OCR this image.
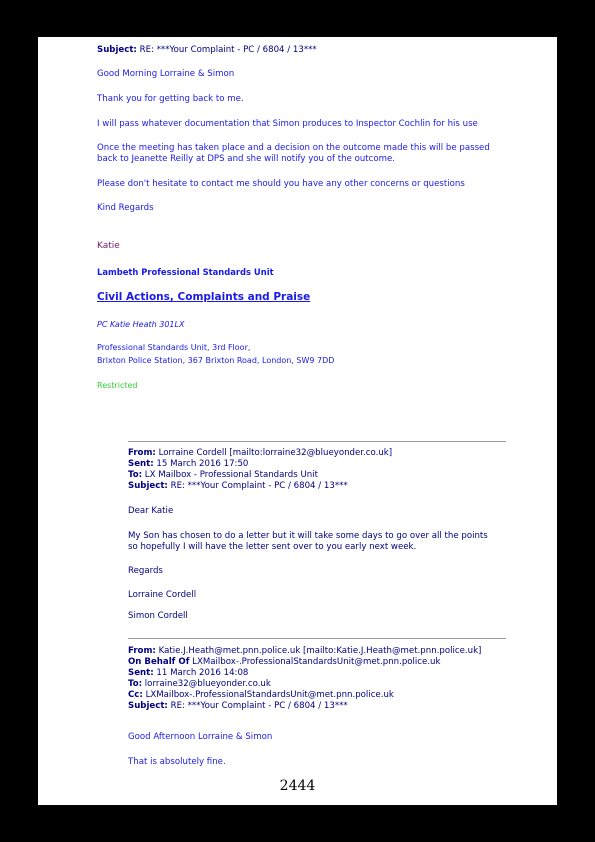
Subject: RE: ***Your Complaint - PC / 6804 / 13***
Good Morning Lorraine & Simon
Thank you for getting back to me.
I will pass whatever documentation that Simon produces to Inspector Cochlin for his use
Once the meeting has taken place and a decision on the outcome made this will be passed
back to Jeanette Reilly at DPS and she will notify you of the outcome.
Please don't hesitate to contact me should you have any other concerns or questions
Kind Regards
Katie
Lambeth Professional Standards Unit
Civil Actions, Complaints and Praise
PC Katie Heath 301LX
Professional Standards Unit, 3rd Floor,
Brixton Police Station, 367 Brixton Road, London, SW9 7DD
Restricted
From: Lorraine Cordell [mailto:lorraine32@blueyonder.co.uk]
Sent: 15 March 2016 17:50
To: LX Mailbox - Professional Standards Unit
Subject: RE: ***Your Complaint - PC / 6804 / 13***
Dear Katie
My Son has chosen to do a letter but it will take some days to go over all the points
so hopefully I will have the letter sent over to you early next week.
Regards
Lorraine Cordell
Simon Cordell
From: Katie.J.Heath@met.pnn.police.uk [mailto:Katie.J.Heath@met.pnn.police.uk]
On Behalf Of LXMailbox-.ProfessionalStandardsUnit@met.pnn.police.uk
Sent: 11 March 2016 14:08
To: lorraine32@blueyonder.co.uk
Cc: LXMailbox-.ProfessionalStandardsUnit@met.pnn.police.uk
Subject: RE: ***Your Complaint - PC / 6804 / 13***
Good Afternoon Lorraine & Simon
That is absolutely fine.
2444
